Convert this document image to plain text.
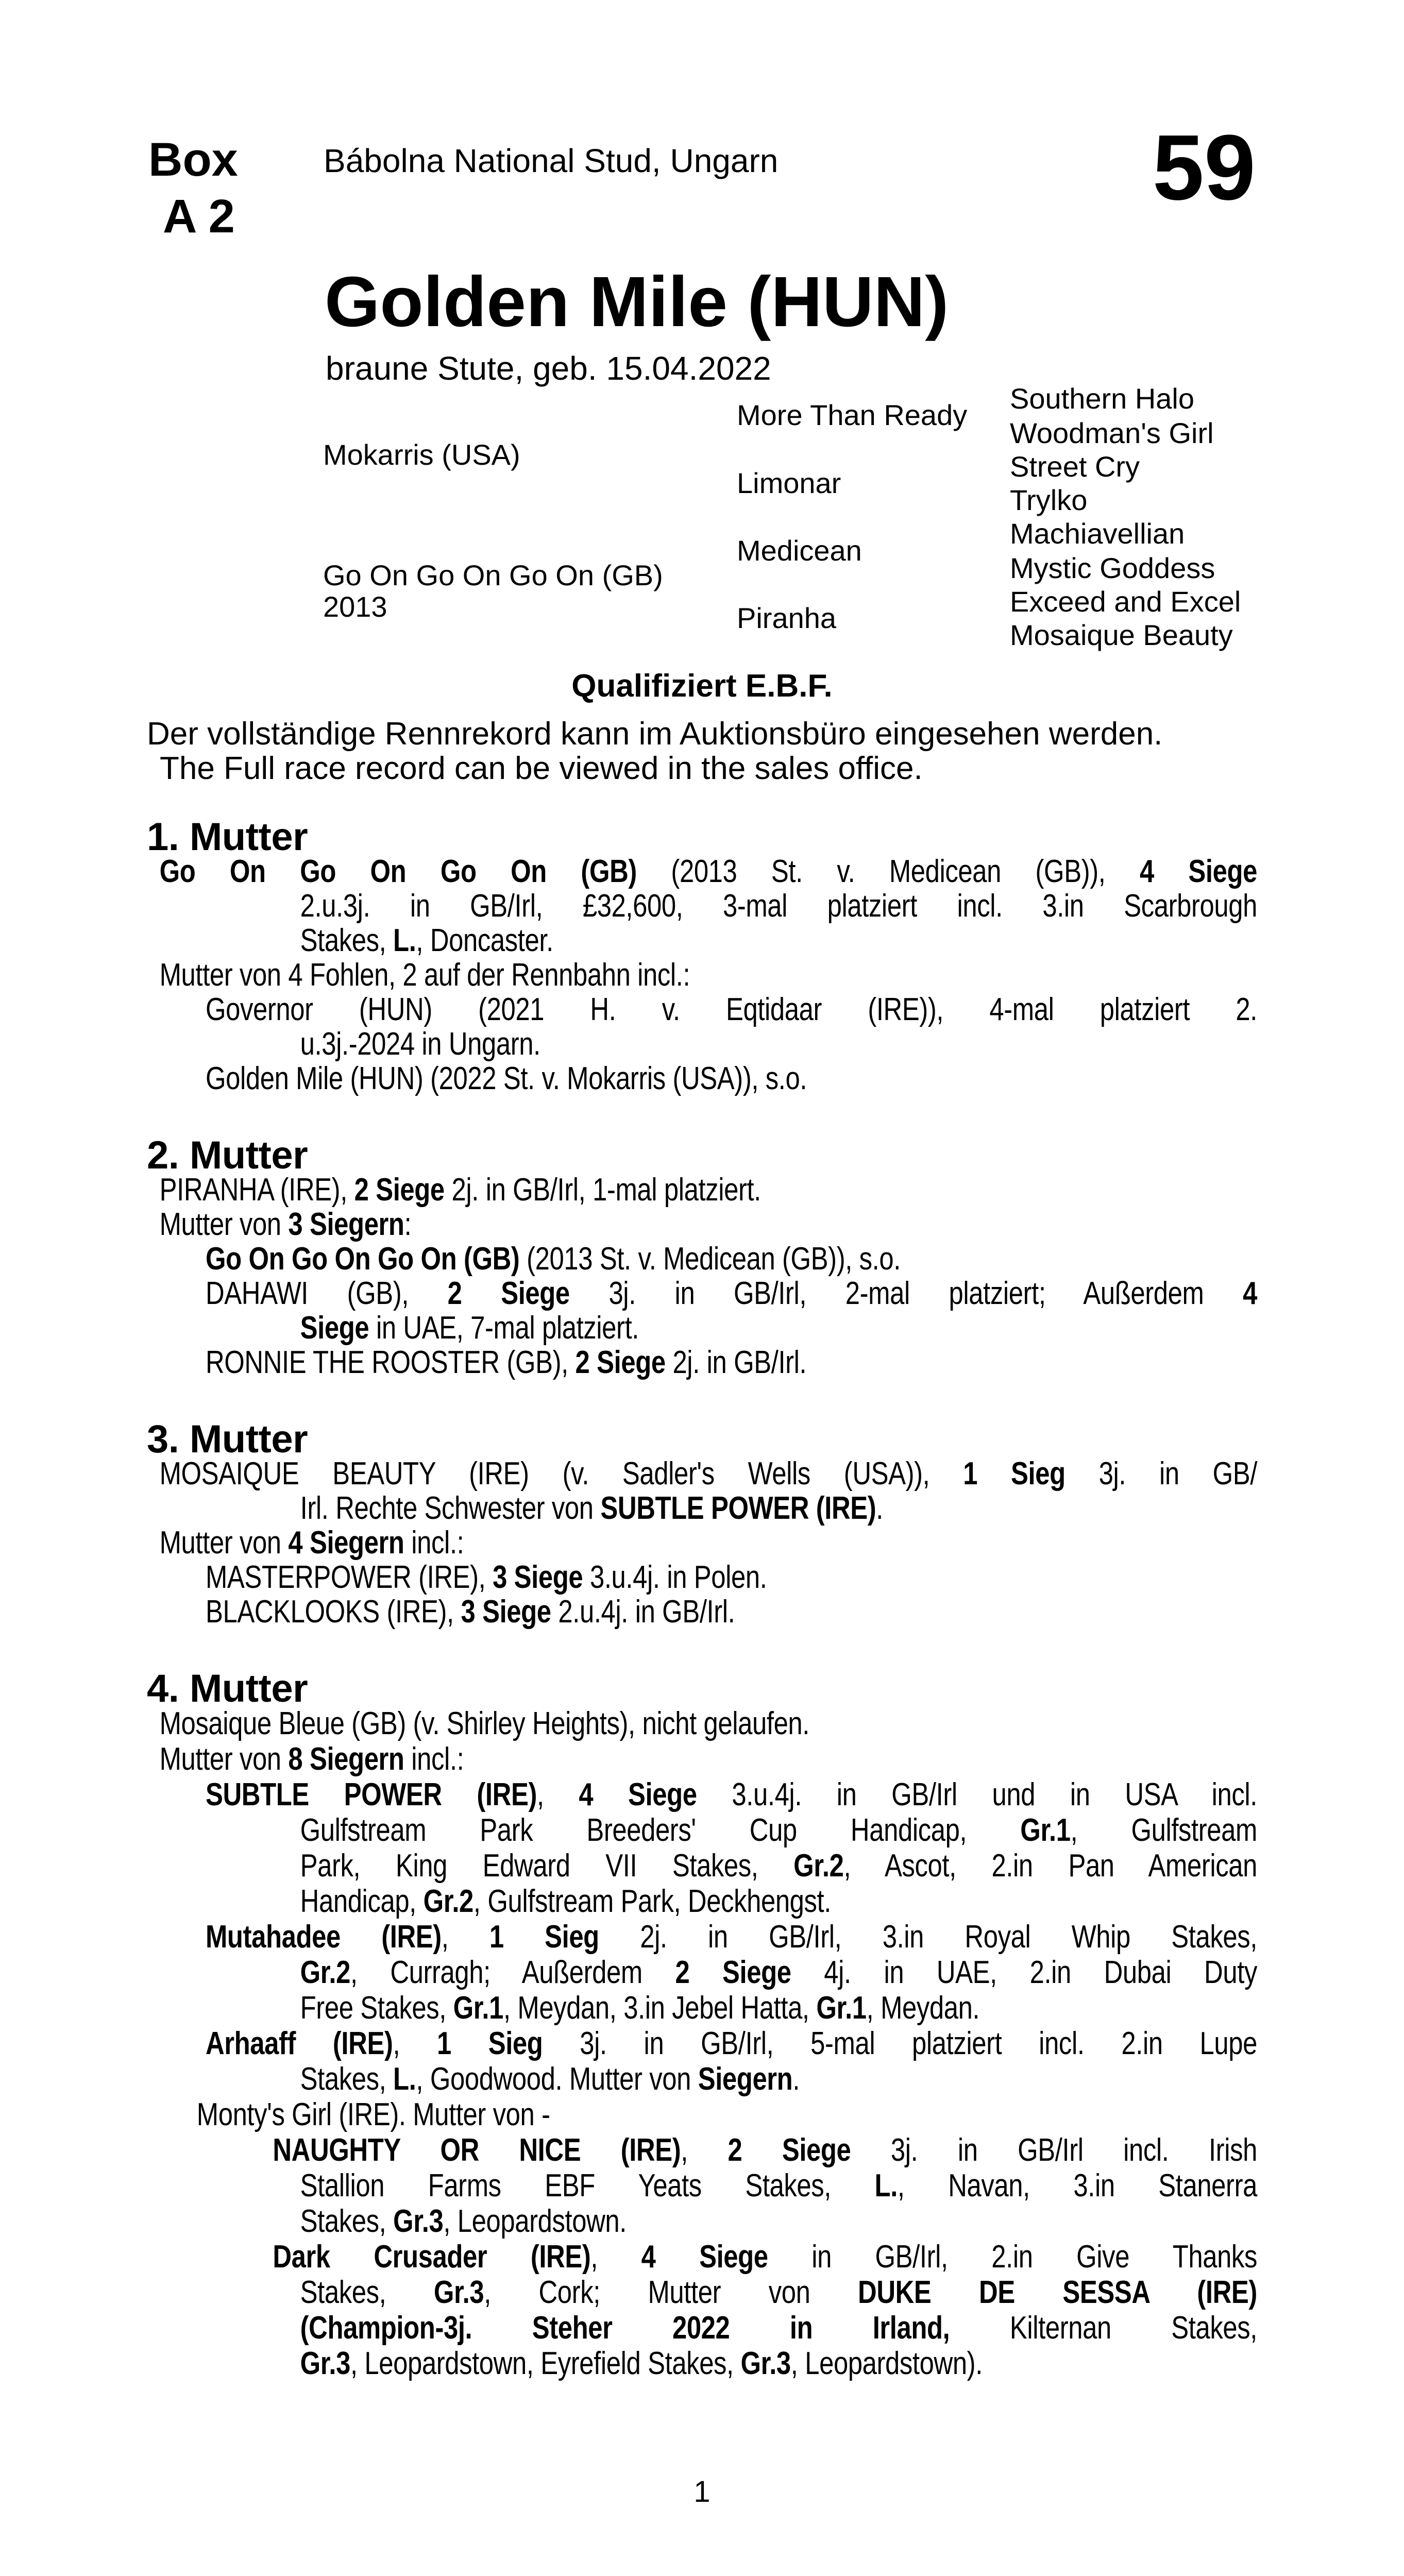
Box
A 2
Bábolna National Stud, Ungarn	59
Golden Mile (HUN)
braune Stute, geb. 15.04.2022
Mokarris (USA)
Go On Go On Go On (GB)
2013
More Than Ready
Limonar
Medicean
Piranha
Southern Halo
Woodman's Girl
Street Cry
Trylko
Machiavellian
Mystic Goddess
Exceed and Excel
Mosaique Beauty
Qualifiziert E.B.F.
Der vollständige Rennrekord kann im Auktionsbüro eingesehen werden.
The Full race record can be viewed in the sales office.
1. Mutter
Go On Go On Go On (GB) (2013 St. v. Medicean (GB)), 4 Siege
2.u.3j. in GB/Irl, £32,600, 3-mal platziert incl. 3.in Scarbrough
Stakes, L., Doncaster.
Mutter von 4 Fohlen, 2 auf der Rennbahn incl.:
Governor (HUN) (2021 H. v. Eqtidaar (IRE)), 4-mal platziert 2.
u.3j.-2024 in Ungarn.
Golden Mile (HUN) (2022 St. v. Mokarris (USA)), s.o.
2. Mutter
PIRANHA (IRE), 2 Siege 2j. in GB/Irl, 1-mal platziert.
Mutter von 3 Siegern:
Go On Go On Go On (GB) (2013 St. v. Medicean (GB)), s.o.
DAHAWI (GB), 2 Siege 3j. in GB/Irl, 2-mal platziert; Außerdem 4
Siege in UAE, 7-mal platziert.
RONNIE THE ROOSTER (GB), 2 Siege 2j. in GB/Irl.
3. Mutter
MOSAIQUE BEAUTY (IRE) (v. Sadler's Wells (USA)), 1 Sieg 3j. in GB/
Irl. Rechte Schwester von SUBTLE POWER (IRE).
Mutter von 4 Siegern incl.:
MASTERPOWER (IRE), 3 Siege 3.u.4j. in Polen.
BLACKLOOKS (IRE), 3 Siege 2.u.4j. in GB/Irl.
4. Mutter
Mosaique Bleue (GB) (v. Shirley Heights), nicht gelaufen.
Mutter von 8 Siegern incl.:
SUBTLE POWER (IRE), 4 Siege 3.u.4j. in GB/Irl und in USA incl.
Gulfstream Park Breeders' Cup Handicap, Gr.1, Gulfstream
Park, King Edward VII Stakes, Gr.2, Ascot, 2.in Pan American
Handicap, Gr.2, Gulfstream Park, Deckhengst.
Mutahadee (IRE), 1 Sieg 2j. in GB/Irl, 3.in Royal Whip Stakes,
Gr.2, Curragh; Außerdem 2 Siege 4j. in UAE, 2.in Dubai Duty
Free Stakes, Gr.1, Meydan, 3.in Jebel Hatta, Gr.1, Meydan.
Arhaaff (IRE), 1 Sieg 3j. in GB/Irl, 5-mal platziert incl. 2.in Lupe
Stakes, L., Goodwood. Mutter von Siegern.
Monty's Girl (IRE). Mutter von -
NAUGHTY OR NICE (IRE), 2 Siege 3j. in GB/Irl incl. Irish
Stallion Farms EBF Yeats Stakes, L., Navan, 3.in Stanerra
Stakes, Gr.3, Leopardstown.
Dark Crusader (IRE), 4 Siege in GB/Irl, 2.in Give Thanks
Stakes, Gr.3, Cork; Mutter von DUKE DE SESSA (IRE)
(Champion-3j. Steher 2022 in Irland, Kilternan Stakes,
Gr.3, Leopardstown, Eyrefield Stakes, Gr.3, Leopardstown).
1
